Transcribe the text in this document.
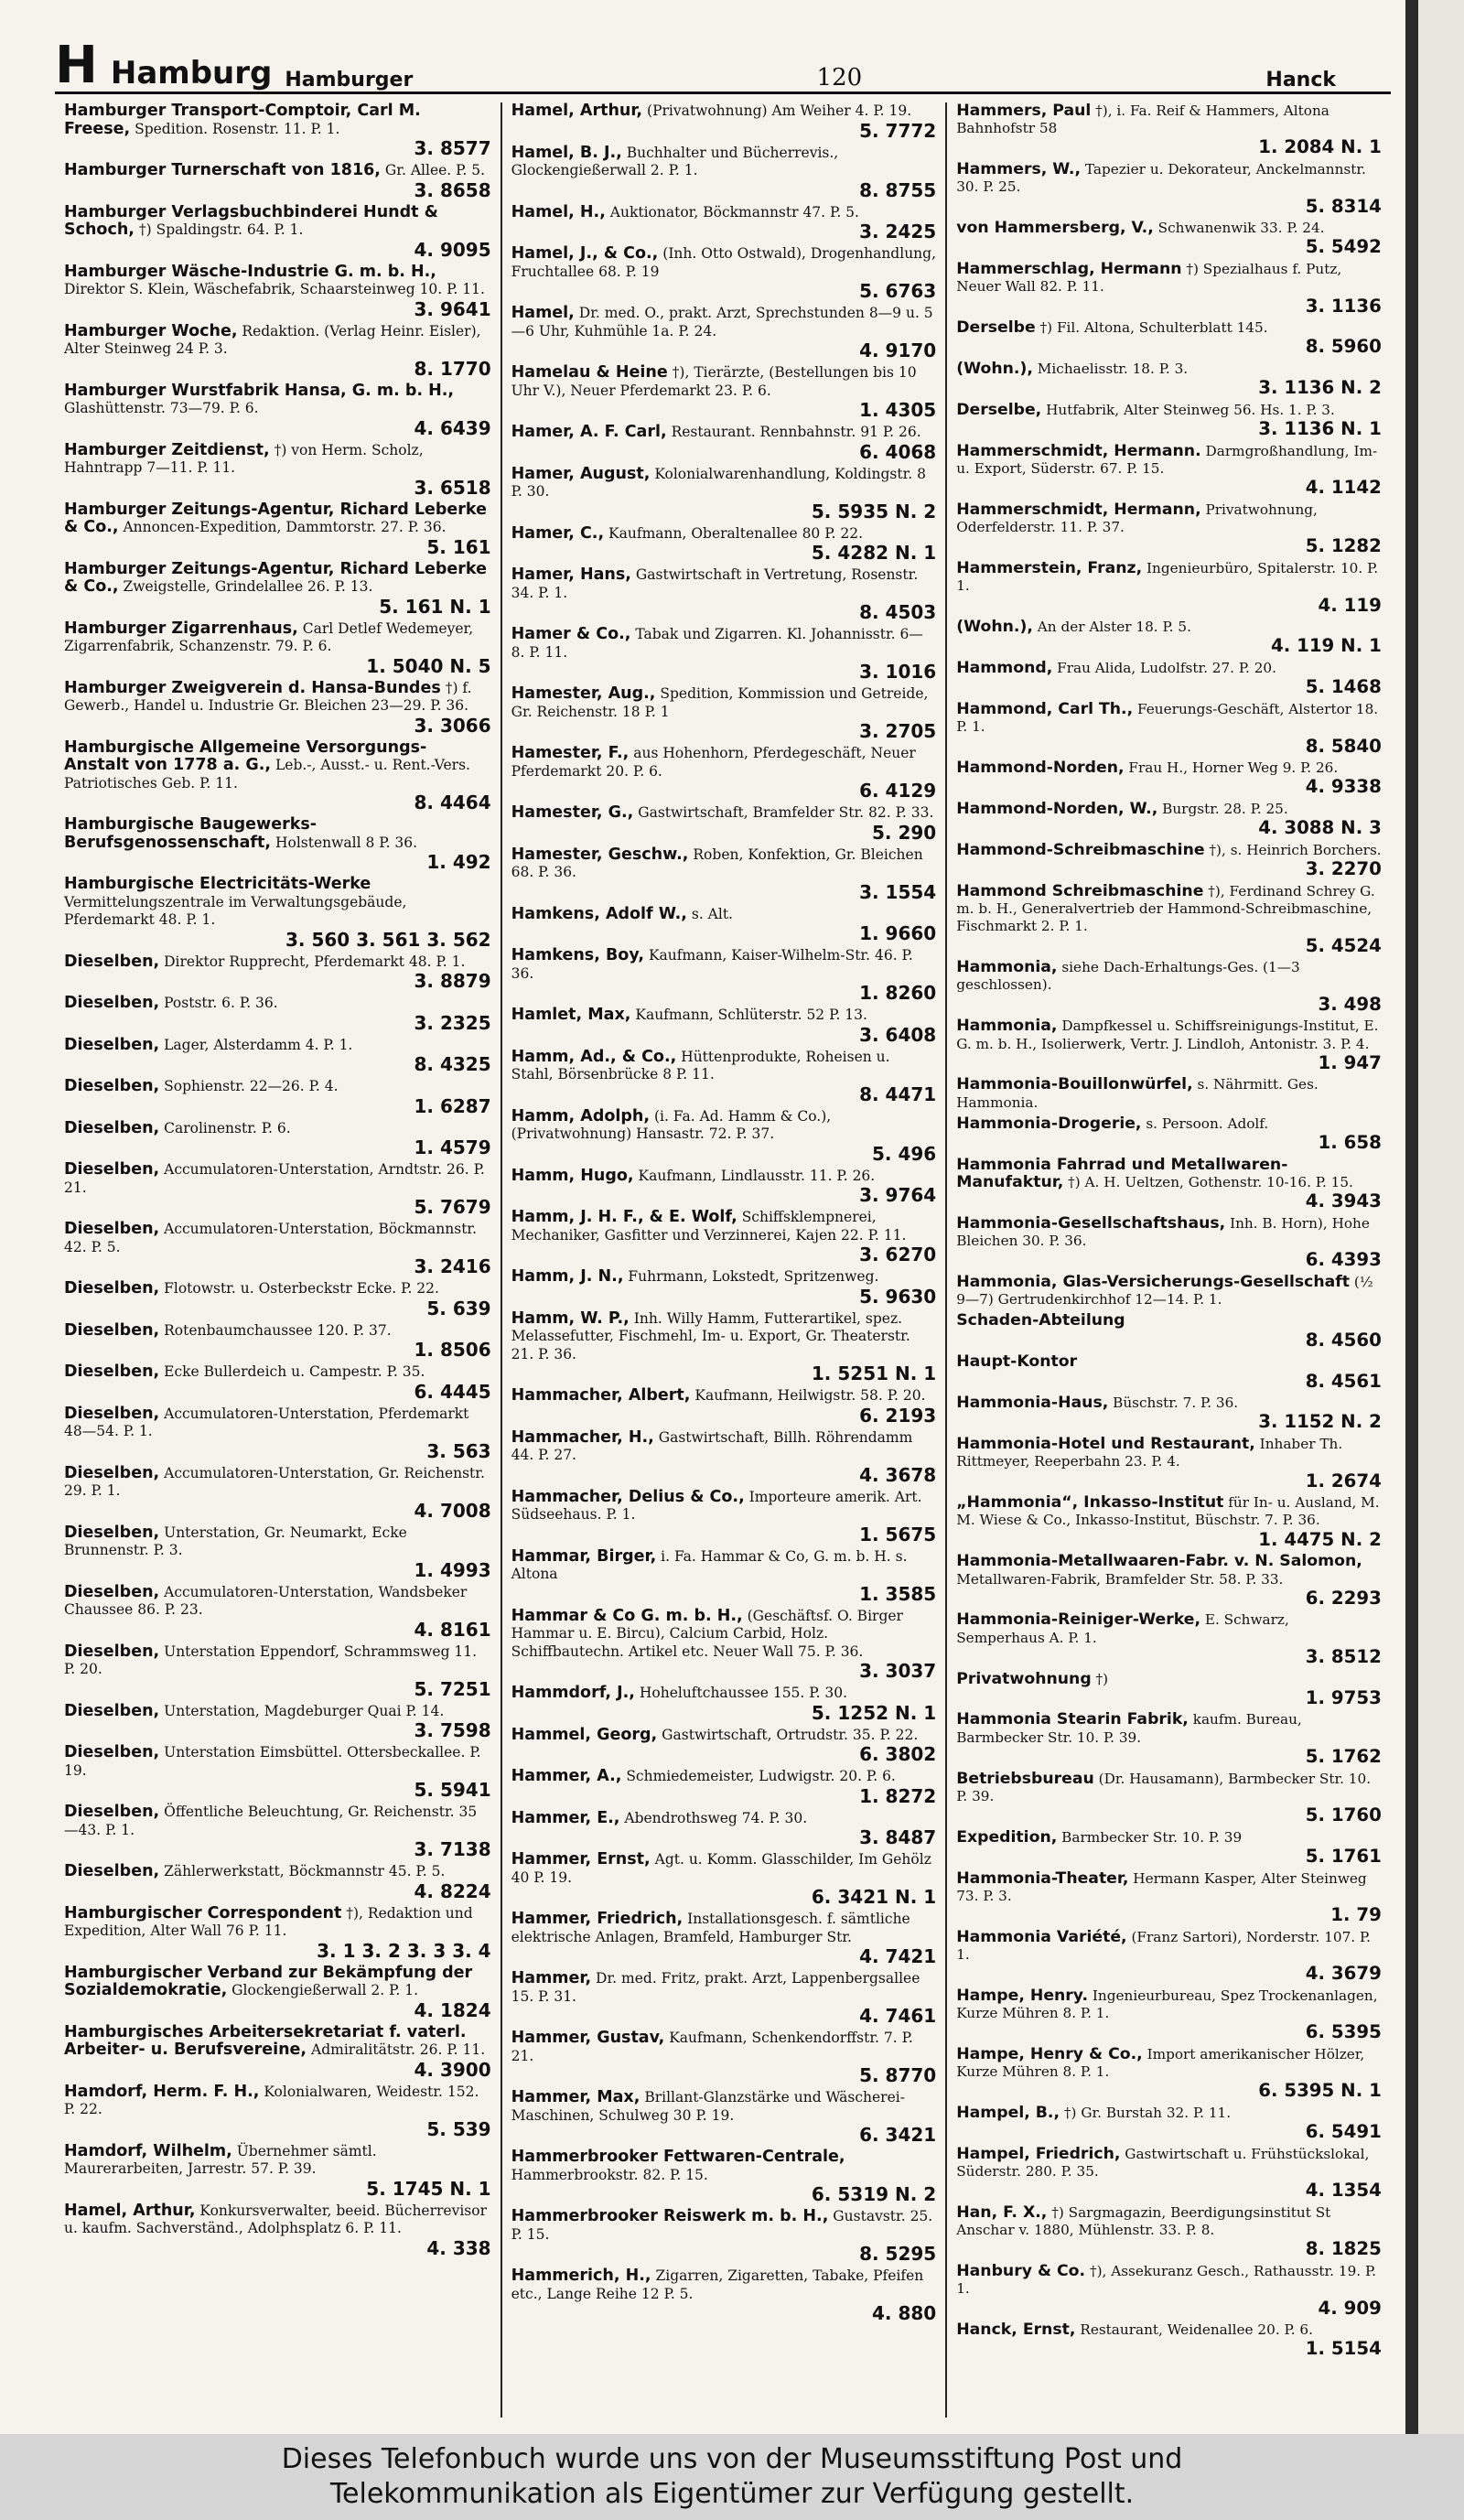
H Hamburg Hamburger	120	Hanck
Hamburger Transport-Comptoir, Carl M. Freese, Spedition. Rosenstr. 11. P. 1.
3. 8577
Hamburger Turnerschaft von 1816, Gr. Allee. P. 5.
3. 8658
Hamburger Verlagsbuchbinderei Hundt & Schoch, †) Spaldingstr. 64. P. 1.
4. 9095
Hamburger Wäsche-Industrie G. m. b. H., Direktor S. Klein, Wäschefabrik, Schaarsteinweg 10. P. 11.
3. 9641
Hamburger Woche, Redaktion. (Verlag Heinr. Eisler), Alter Steinweg 24 P. 3.
8. 1770
Hamburger Wurstfabrik Hansa, G. m. b. H., Glashüttenstr. 73—79. P. 6.
4. 6439
Hamburger Zeitdienst, †) von Herm. Scholz, Hahntrapp 7—11. P. 11.
3. 6518
Hamburger Zeitungs-Agentur, Richard Leberke & Co., Annoncen-Expedition, Dammtorstr. 27. P. 36.
5. 161
Hamburger Zeitungs-Agentur, Richard Leberke & Co., Zweigstelle, Grindelallee 26. P. 13.
5. 161 N. 1
Hamburger Zigarrenhaus, Carl Detlef Wedemeyer, Zigarrenfabrik, Schanzenstr. 79. P. 6.
1. 5040 N. 5
Hamburger Zweigverein d. Hansa-Bundes †) f. Gewerb., Handel u. Industrie Gr. Bleichen 23—29. P. 36.
3. 3066
Hamburgische Allgemeine Versorgungs-Anstalt von 1778 a. G., Leb.-, Ausst.- u. Rent.-Vers. Patriotisches Geb. P. 11.
8. 4464
Hamburgische Baugewerks-Berufsgenossenschaft, Holstenwall 8 P. 36.
1. 492
Hamburgische Electricitäts-Werke Vermittelungszentrale im Verwaltungsgebäude, Pferdemarkt 48. P. 1.
3. 560 3. 561 3. 562
Dieselben, Direktor Rupprecht, Pferdemarkt 48. P. 1.
3. 8879
Dieselben, Poststr. 6. P. 36.
3. 2325
Dieselben, Lager, Alsterdamm 4. P. 1.
8. 4325
Dieselben, Sophienstr. 22—26. P. 4.
1. 6287
Dieselben, Carolinenstr. P. 6.
1. 4579
Dieselben, Accumulatoren-Unterstation, Arndtstr. 26. P. 21.
5. 7679
Dieselben, Accumulatoren-Unterstation, Böckmannstr. 42. P. 5.
3. 2416
Dieselben, Flotowstr. u. Osterbeckstr Ecke. P. 22.
5. 639
Dieselben, Rotenbaumchaussee 120. P. 37.
1. 8506
Dieselben, Ecke Bullerdeich u. Campestr. P. 35.
6. 4445
Dieselben, Accumulatoren-Unterstation, Pferdemarkt 48—54. P. 1.
3. 563
Dieselben, Accumulatoren-Unterstation, Gr. Reichenstr. 29. P. 1.
4. 7008
Dieselben, Unterstation, Gr. Neumarkt, Ecke Brunnenstr. P. 3.
1. 4993
Dieselben, Accumulatoren-Unterstation, Wandsbeker Chaussee 86. P. 23.
4. 8161
Dieselben, Unterstation Eppendorf, Schrammsweg 11. P. 20.
5. 7251
Dieselben, Unterstation, Magdeburger Quai P. 14.
3. 7598
Dieselben, Unterstation Eimsbüttel. Ottersbeckallee. P. 19.
5. 5941
Dieselben, Öffentliche Beleuchtung, Gr. Reichenstr. 35—43. P. 1.
3. 7138
Dieselben, Zählerwerkstatt, Böckmannstr 45. P. 5.
4. 8224
Hamburgischer Correspondent †), Redaktion und Expedition, Alter Wall 76 P. 11.
3. 1 3. 2 3. 3 3. 4
Hamburgischer Verband zur Bekämpfung der Sozialdemokratie, Glockengießerwall 2. P. 1.
4. 1824
Hamburgisches Arbeitersekretariat f. vaterl. Arbeiter- u. Berufsvereine, Admiralitätstr. 26. P. 11.
4. 3900
Hamdorf, Herm. F. H., Kolonialwaren, Weidestr. 152. P. 22.
5. 539
Hamdorf, Wilhelm, Übernehmer sämtl. Maurerarbeiten, Jarrestr. 57. P. 39.
5. 1745 N. 1
Hamel, Arthur, Konkursverwalter, beeid. Bücherrevisor u. kaufm. Sachverständ., Adolphsplatz 6. P. 11.
4. 338
Hamel, Arthur, (Privatwohnung) Am Weiher 4. P. 19.
5. 7772
Hamel, B. J., Buchhalter und Bücherrevis., Glockengießerwall 2. P. 1.
8. 8755
Hamel, H., Auktionator, Böckmannstr 47. P. 5.
3. 2425
Hamel, J., & Co., (Inh. Otto Ostwald), Drogenhandlung, Fruchtallee 68. P. 19
5. 6763
Hamel, Dr. med. O., prakt. Arzt, Sprechstunden 8—9 u. 5—6 Uhr, Kuhmühle 1a. P. 24.
4. 9170
Hamelau & Heine †), Tierärzte, (Bestellungen bis 10 Uhr V.), Neuer Pferdemarkt 23. P. 6.
1. 4305
Hamer, A. F. Carl, Restaurant. Rennbahnstr. 91 P. 26.
6. 4068
Hamer, August, Kolonialwarenhandlung, Koldingstr. 8 P. 30.
5. 5935 N. 2
Hamer, C., Kaufmann, Oberaltenallee 80 P. 22.
5. 4282 N. 1
Hamer, Hans, Gastwirtschaft in Vertretung, Rosenstr. 34. P. 1.
8. 4503
Hamer & Co., Tabak und Zigarren. Kl. Johannisstr. 6—8. P. 11.
3. 1016
Hamester, Aug., Spedition, Kommission und Getreide, Gr. Reichenstr. 18 P. 1
3. 2705
Hamester, F., aus Hohenhorn, Pferdegeschäft, Neuer Pferdemarkt 20. P. 6.
6. 4129
Hamester, G., Gastwirtschaft, Bramfelder Str. 82. P. 33.
5. 290
Hamester, Geschw., Roben, Konfektion, Gr. Bleichen 68. P. 36.
3. 1554
Hamkens, Adolf W., s. Alt.
1. 9660
Hamkens, Boy, Kaufmann, Kaiser-Wilhelm-Str. 46. P. 36.
1. 8260
Hamlet, Max, Kaufmann, Schlüterstr. 52 P. 13.
3. 6408
Hamm, Ad., & Co., Hüttenprodukte, Roheisen u. Stahl, Börsenbrücke 8 P. 11.
8. 4471
Hamm, Adolph, (i. Fa. Ad. Hamm & Co.), (Privatwohnung) Hansastr. 72. P. 37.
5. 496
Hamm, Hugo, Kaufmann, Lindlausstr. 11. P. 26.
3. 9764
Hamm, J. H. F., & E. Wolf, Schiffsklempnerei, Mechaniker, Gasfitter und Verzinnerei, Kajen 22. P. 11.
3. 6270
Hamm, J. N., Fuhrmann, Lokstedt, Spritzenweg.
5. 9630
Hamm, W. P., Inh. Willy Hamm, Futterartikel, spez. Melassefutter, Fischmehl, Im- u. Export, Gr. Theaterstr. 21. P. 36.
1. 5251 N. 1
Hammacher, Albert, Kaufmann, Heilwigstr. 58. P. 20.
6. 2193
Hammacher, H., Gastwirtschaft, Billh. Röhrendamm 44. P. 27.
4. 3678
Hammacher, Delius & Co., Importeure amerik. Art. Südseehaus. P. 1.
1. 5675
Hammar, Birger, i. Fa. Hammar & Co, G. m. b. H. s. Altona
1. 3585
Hammar & Co G. m. b. H., (Geschäftsf. O. Birger Hammar u. E. Bircu), Calcium Carbid, Holz. Schiffbautechn. Artikel etc. Neuer Wall 75. P. 36.
3. 3037
Hammdorf, J., Hoheluftchaussee 155. P. 30.
5. 1252 N. 1
Hammel, Georg, Gastwirtschaft, Ortrudstr. 35. P. 22.
6. 3802
Hammer, A., Schmiedemeister, Ludwigstr. 20. P. 6.
1. 8272
Hammer, E., Abendrothsweg 74. P. 30.
3. 8487
Hammer, Ernst, Agt. u. Komm. Glasschilder, Im Gehölz 40 P. 19.
6. 3421 N. 1
Hammer, Friedrich, Installationsgesch. f. sämtliche elektrische Anlagen, Bramfeld, Hamburger Str.
4. 7421
Hammer, Dr. med. Fritz, prakt. Arzt, Lappenbergsallee 15. P. 31.
4. 7461
Hammer, Gustav, Kaufmann, Schenkendorffstr. 7. P. 21.
5. 8770
Hammer, Max, Brillant-Glanzstärke und Wäscherei-Maschinen, Schulweg 30 P. 19.
6. 3421
Hammerbrooker Fettwaren-Centrale, Hammerbrookstr. 82. P. 15.
6. 5319 N. 2
Hammerbrooker Reiswerk m. b. H., Gustavstr. 25. P. 15.
8. 5295
Hammerich, H., Zigarren, Zigaretten, Tabake, Pfeifen etc., Lange Reihe 12 P. 5.
4. 880
Hammers, Paul †), i. Fa. Reif & Hammers, Altona Bahnhofstr 58
1. 2084 N. 1
Hammers, W., Tapezier u. Dekorateur, Anckelmannstr. 30. P. 25.
5. 8314
von Hammersberg, V., Schwanenwik 33. P. 24.
5. 5492
Hammerschlag, Hermann †) Spezialhaus f. Putz, Neuer Wall 82. P. 11.
3. 1136
Derselbe †) Fil. Altona, Schulterblatt 145.
8. 5960
(Wohn.), Michaelisstr. 18. P. 3.
3. 1136 N. 2
Derselbe, Hutfabrik, Alter Steinweg 56. Hs. 1. P. 3.
3. 1136 N. 1
Hammerschmidt, Hermann. Darmgroßhandlung, Im- u. Export, Süderstr. 67. P. 15.
4. 1142
Hammerschmidt, Hermann, Privatwohnung, Oderfelderstr. 11. P. 37.
5. 1282
Hammerstein, Franz, Ingenieurbüro, Spitalerstr. 10. P. 1.
4. 119
(Wohn.), An der Alster 18. P. 5.
4. 119 N. 1
Hammond, Frau Alida, Ludolfstr. 27. P. 20.
5. 1468
Hammond, Carl Th., Feuerungs-Geschäft, Alstertor 18. P. 1.
8. 5840
Hammond-Norden, Frau H., Horner Weg 9. P. 26.
4. 9338
Hammond-Norden, W., Burgstr. 28. P. 25.
4. 3088 N. 3
Hammond-Schreibmaschine †), s. Heinrich Borchers.
3. 2270
Hammond Schreibmaschine †), Ferdinand Schrey G. m. b. H., Generalvertrieb der Hammond-Schreibmaschine, Fischmarkt 2. P. 1.
5. 4524
Hammonia, siehe Dach-Erhaltungs-Ges. (1—3 geschlossen).
3. 498
Hammonia, Dampfkessel u. Schiffsreinigungs-Institut, E. G. m. b. H., Isolierwerk, Vertr. J. Lindloh, Antonistr. 3. P. 4.
1. 947
Hammonia-Bouillonwürfel, s. Nährmitt. Ges. Hammonia.
Hammonia-Drogerie, s. Persoon. Adolf.
1. 658
Hammonia Fahrrad und Metallwaren-Manufaktur, †) A. H. Ueltzen, Gothenstr. 10-16. P. 15.
4. 3943
Hammonia-Gesellschaftshaus, Inh. B. Horn), Hohe Bleichen 30. P. 36.
6. 4393
Hammonia, Glas-Versicherungs-Gesellschaft (½ 9—7) Gertrudenkirchhof 12—14. P. 1.
Schaden-Abteilung
8. 4560
Haupt-Kontor
8. 4561
Hammonia-Haus, Büschstr. 7. P. 36.
3. 1152 N. 2
Hammonia-Hotel und Restaurant, Inhaber Th. Rittmeyer, Reeperbahn 23. P. 4.
1. 2674
„Hammonia“, Inkasso-Institut für In- u. Ausland, M. M. Wiese & Co., Inkasso-Institut, Büschstr. 7. P. 36.
1. 4475 N. 2
Hammonia-Metallwaaren-Fabr. v. N. Salomon, Metallwaren-Fabrik, Bramfelder Str. 58. P. 33.
6. 2293
Hammonia-Reiniger-Werke, E. Schwarz, Semperhaus A. P. 1.
3. 8512
Privatwohnung †)
1. 9753
Hammonia Stearin Fabrik, kaufm. Bureau, Barmbecker Str. 10. P. 39.
5. 1762
Betriebsbureau (Dr. Hausamann), Barmbecker Str. 10. P. 39.
5. 1760
Expedition, Barmbecker Str. 10. P. 39
5. 1761
Hammonia-Theater, Hermann Kasper, Alter Steinweg 73. P. 3.
1. 79
Hammonia Variété, (Franz Sartori), Norderstr. 107. P. 1.
4. 3679
Hampe, Henry. Ingenieurbureau, Spez Trockenanlagen, Kurze Mühren 8. P. 1.
6. 5395
Hampe, Henry & Co., Import amerikanischer Hölzer, Kurze Mühren 8. P. 1.
6. 5395 N. 1
Hampel, B., †) Gr. Burstah 32. P. 11.
6. 5491
Hampel, Friedrich, Gastwirtschaft u. Frühstückslokal, Süderstr. 280. P. 35.
4. 1354
Han, F. X., †) Sargmagazin, Beerdigungsinstitut St Anschar v. 1880, Mühlenstr. 33. P. 8.
8. 1825
Hanbury & Co. †), Assekuranz Gesch., Rathausstr. 19. P. 1.
4. 909
Hanck, Ernst, Restaurant, Weidenallee 20. P. 6.
1. 5154
Dieses Telefonbuch wurde uns von der Museumsstiftung Post und
Telekommunikation als Eigentümer zur Verfügung gestellt.
